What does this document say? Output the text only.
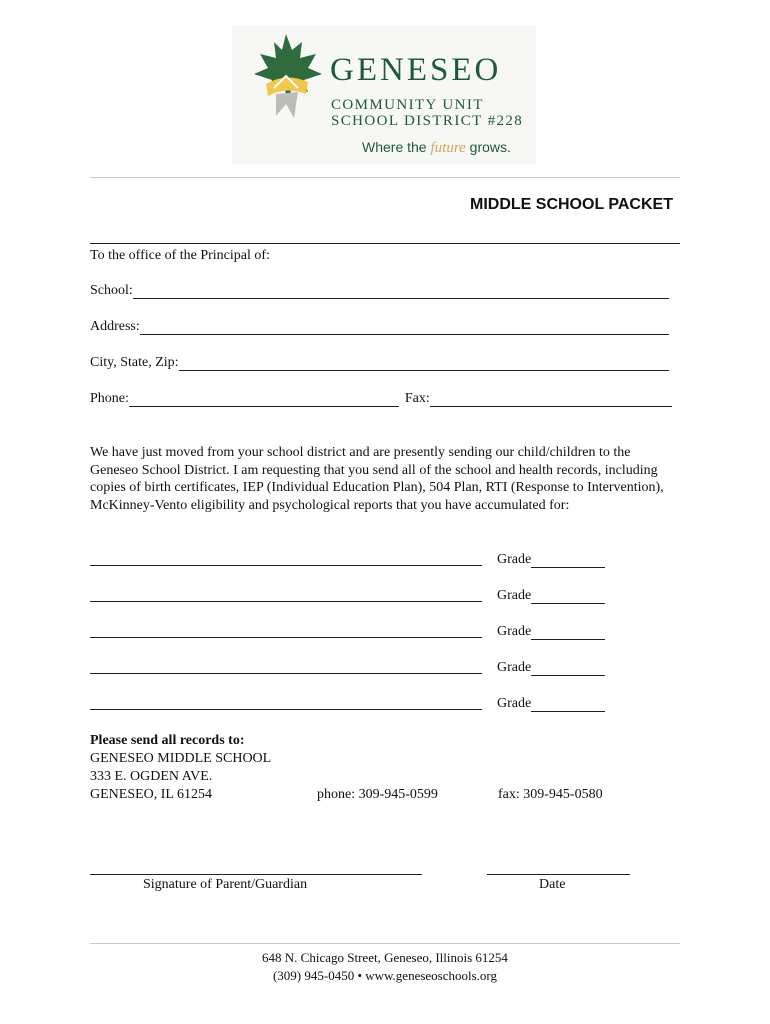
GENESEO
COMMUNITY UNIT
SCHOOL DISTRICT #228
Where the future grows.
MIDDLE SCHOOL PACKET
To the office of the Principal of:
School:
Address:
City, State, Zip:
Phone:	Fax:
We have just moved from your school district and are presently sending our child/children to the Geneseo School District. I am requesting that you send all of the school and health records, including copies of birth certificates, IEP (Individual Education Plan), 504 Plan, RTI (Response to Intervention), McKinney-Vento eligibility and psychological reports that you have accumulated for:
Grade
Grade
Grade
Grade
Grade
Please send all records to:
GENESEO MIDDLE SCHOOL
333 E. OGDEN AVE.
GENESEO, IL 61254	phone: 309-945-0599	fax: 309-945-0580
Signature of Parent/Guardian	Date
648 N. Chicago Street, Geneseo, Illinois 61254
(309) 945-0450 • www.geneseoschools.org
